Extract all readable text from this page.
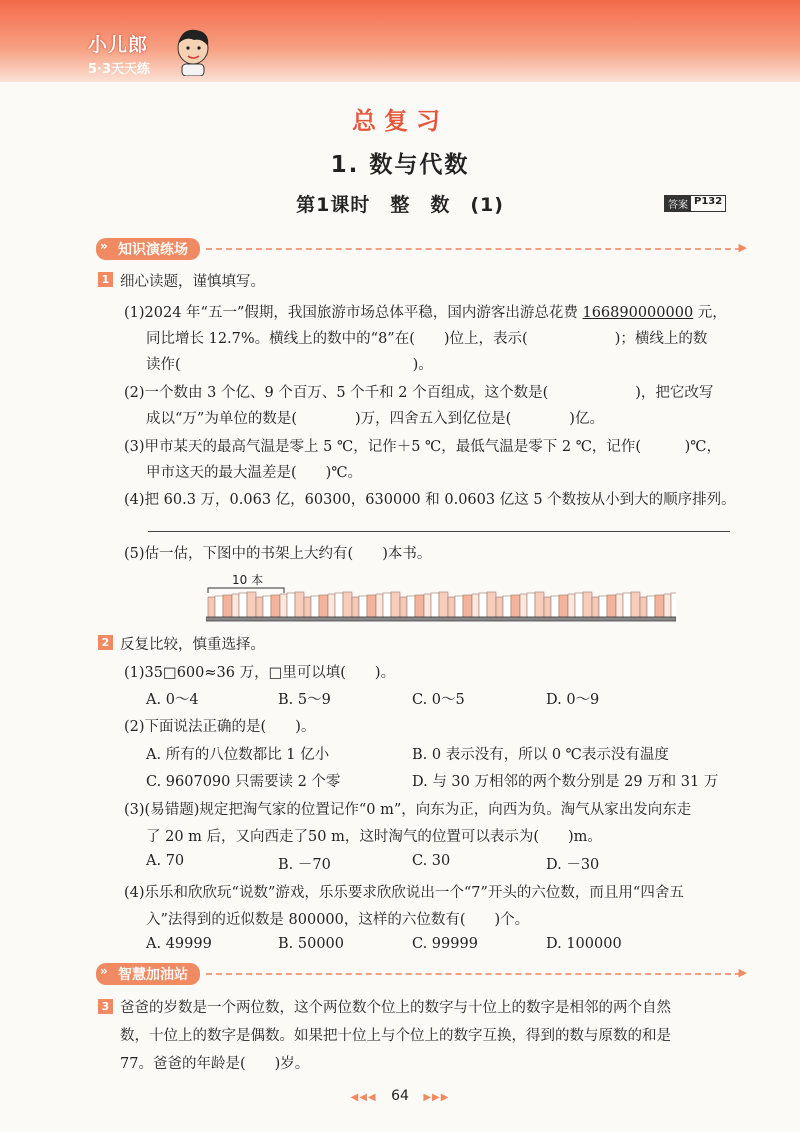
小儿郎
5·3天天练
总复习
1. 数与代数
第1课时　整　数　(1)	答案 P132
» 知识演练场
▶
1 细心读题，谨慎填写。
(1)2024 年“五一”假期，我国旅游市场总体平稳，国内游客出游总花费 166890000000 元，
同比增长 12.7%。横线上的数中的“8”在(　　)位上，表示(　　　　　　)；横线上的数
读作(　　　　　　　　　　　　　　　　)。
(2)一个数由 3 个亿、9 个百万、5 个千和 2 个百组成，这个数是(　　　　　　)，把它改写
成以“万”为单位的数是(　　　　)万，四舍五入到亿位是(　　　　)亿。
(3)甲市某天的最高气温是零上 5 ℃，记作＋5 ℃，最低气温是零下 2 ℃，记作(　　　)℃，
甲市这天的最大温差是(　　)℃。
(4)把 60.3 万，0.063 亿，60300，630000 和 0.0603 亿这 5 个数按从小到大的顺序排列。
(5)估一估，下图中的书架上大约有(　　)本书。
10 本
2 反复比较，慎重选择。
(1)35□600≈36 万，□里可以填(　　)。
A. 0～4	B. 5～9	C. 0～5	D. 0～9
(2)下面说法正确的是(　　)。
A. 所有的八位数都比 1 亿小	B. 0 表示没有，所以 0 ℃表示没有温度
C. 9607090 只需要读 2 个零	D. 与 30 万相邻的两个数分别是 29 万和 31 万
(3)(易错题)规定把淘气家的位置记作“0 m”，向东为正，向西为负。淘气从家出发向东走
了 20 m 后，又向西走了50 m，这时淘气的位置可以表示为(　　)m。
A. 70	B. －70	C. 30	D. －30
(4)乐乐和欣欣玩“说数”游戏，乐乐要求欣欣说出一个“7”开头的六位数，而且用“四舍五
入”法得到的近似数是 800000，这样的六位数有(　　)个。
A. 49999	B. 50000	C. 99999	D. 100000
» 智慧加油站
▶
3 爸爸的岁数是一个两位数，这个两位数个位上的数字与十位上的数字是相邻的两个自然
数，十位上的数字是偶数。如果把十位上与个位上的数字互换，得到的数与原数的和是
77。爸爸的年龄是(　　)岁。
◀◀◀ 64 ▶▶▶
